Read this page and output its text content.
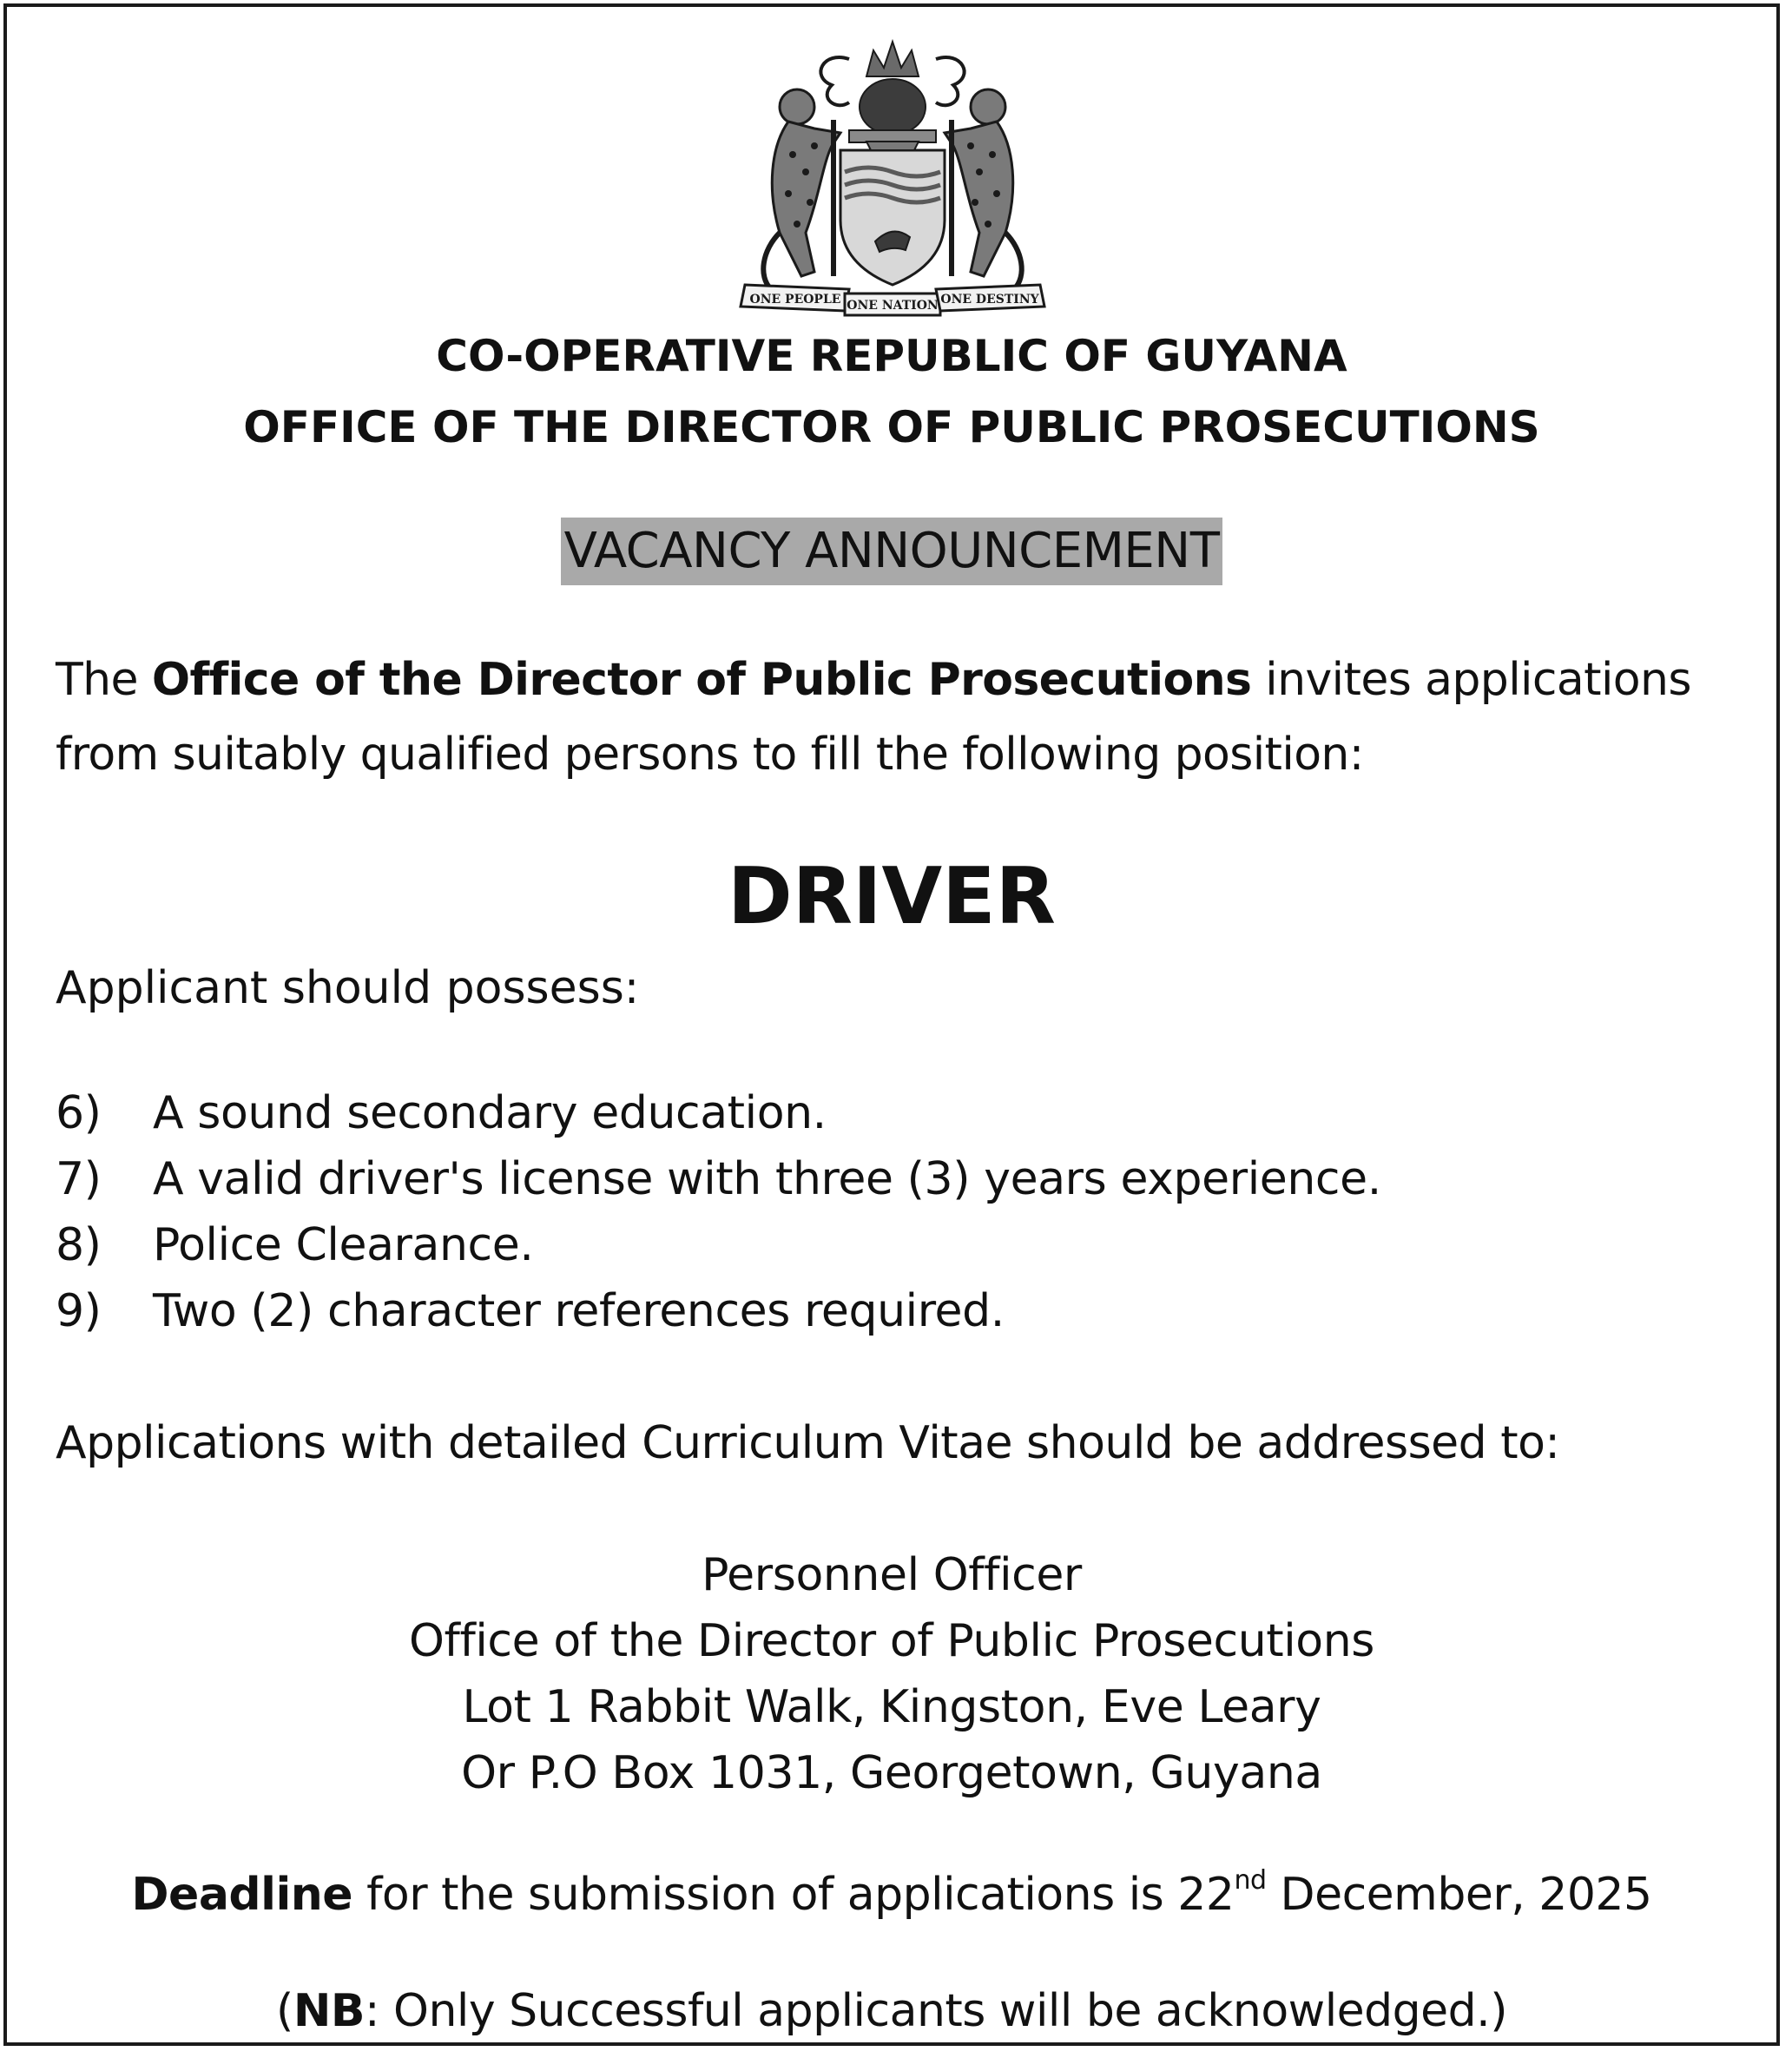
ONE PEOPLE ONE NATION ONE DESTINY
CO-OPERATIVE REPUBLIC OF GUYANA
OFFICE OF THE DIRECTOR OF PUBLIC PROSECUTIONS
VACANCY ANNOUNCEMENT
The Office of the Director of Public Prosecutions invites applications
from suitably qualified persons to fill the following position:
DRIVER
Applicant should possess:
6)	A sound secondary education.
7)	A valid driver's license with three (3) years experience.
8)	Police Clearance.
9)	Two (2) character references required.
Applications with detailed Curriculum Vitae should be addressed to:
Personnel Officer
Office of the Director of Public Prosecutions
Lot 1 Rabbit Walk, Kingston, Eve Leary
Or P.O Box 1031, Georgetown, Guyana
Deadline for the submission of applications is 22nd December, 2025
(NB: Only Successful applicants will be acknowledged.)
